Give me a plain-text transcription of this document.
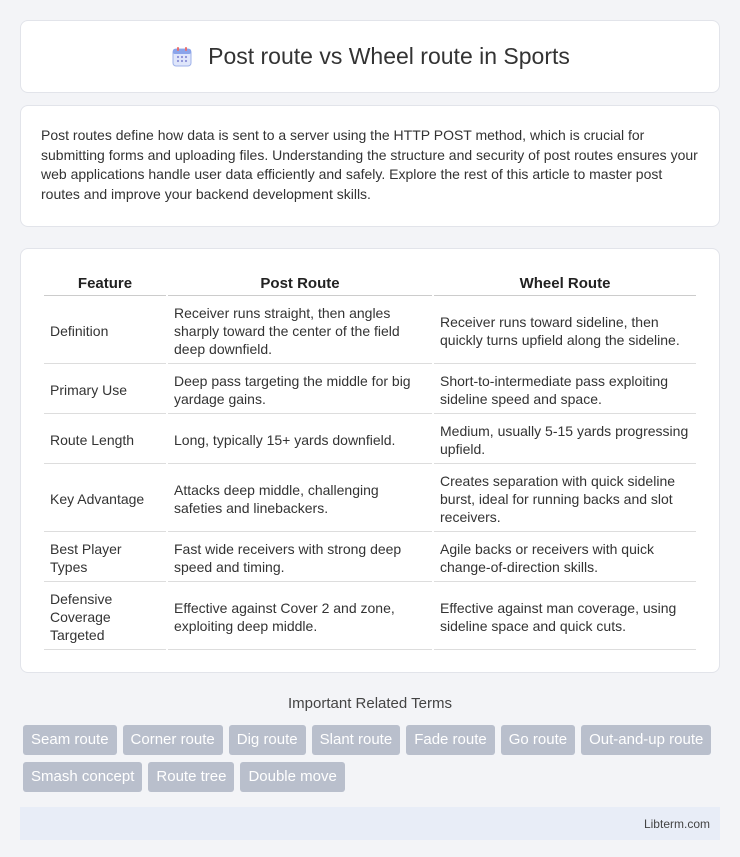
Post route vs Wheel route in Sports

Post routes define how data is sent to a server using the HTTP POST method, which is crucial for submitting forms and uploading files. Understanding the structure and security of post routes ensures your web applications handle user data efficiently and safely. Explore the rest of this article to master post routes and improve your backend development skills.

Feature	Post Route	Wheel Route
Definition	Receiver runs straight, then angles sharply toward the center of the field deep downfield.	Receiver runs toward sideline, then quickly turns upfield along the sideline.
Primary Use	Deep pass targeting the middle for big yardage gains.	Short-to-intermediate pass exploiting sideline speed and space.
Route Length	Long, typically 15+ yards downfield.	Medium, usually 5-15 yards progressing upfield.
Key Advantage	Attacks deep middle, challenging safeties and linebackers.	Creates separation with quick sideline burst, ideal for running backs and slot receivers.
Best Player Types	Fast wide receivers with strong deep speed and timing.	Agile backs or receivers with quick change-of-direction skills.
Defensive Coverage Targeted	Effective against Cover 2 and zone, exploiting deep middle.	Effective against man coverage, using sideline space and quick cuts.
Important Related Terms
Seam route	Corner route	Dig route	Slant route	Fade route	Go route	Out-and-up route
Smash concept	Route tree	Double move
Libterm.com
